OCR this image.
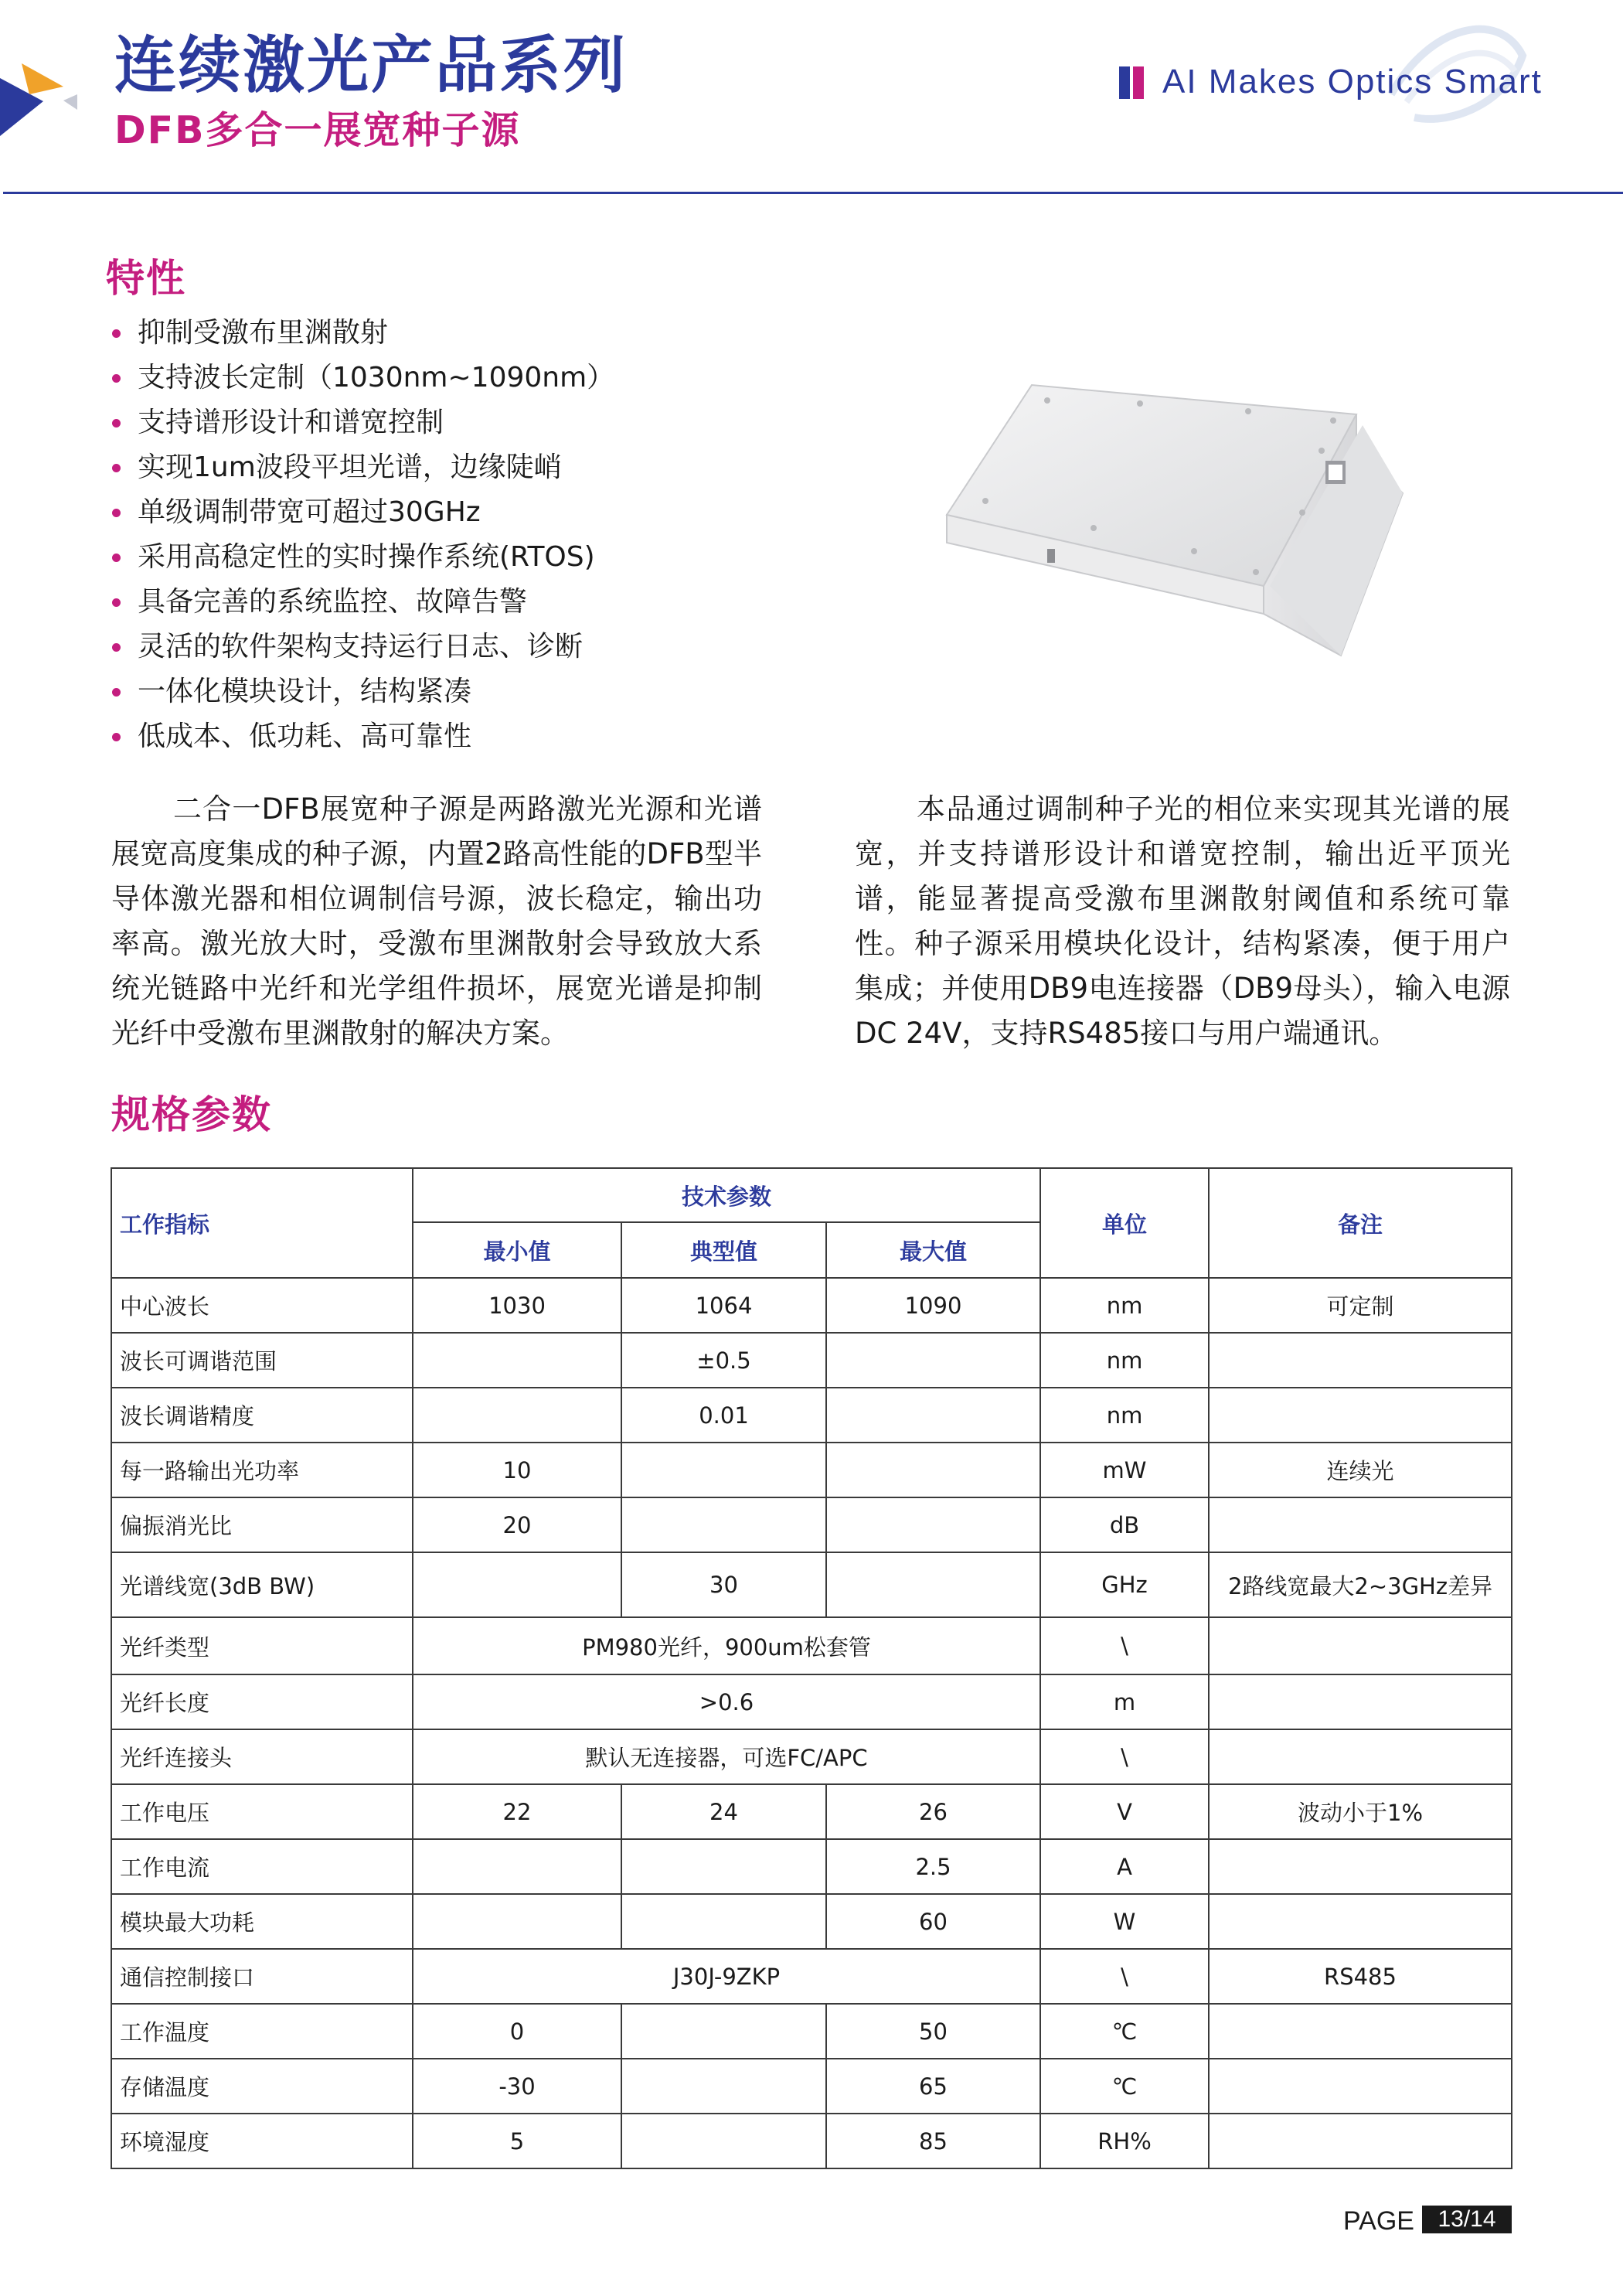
连续激光产品系列
DFB多合一展宽种子源
AI Makes Optics Smart
特性
抑制受激布里渊散射
支持波长定制（1030nm~1090nm）
支持谱形设计和谱宽控制
实现1um波段平坦光谱，边缘陡峭
单级调制带宽可超过30GHz
采用高稳定性的实时操作系统(RTOS)
具备完善的系统监控、故障告警
灵活的软件架构支持运行日志、诊断
一体化模块设计，结构紧凑
低成本、低功耗、高可靠性

二合一DFB展宽种子源是两路激光光源和光谱展宽高度集成的种子源，内置2路高性能的DFB型半导体激光器和相位调制信号源，波长稳定，输出功率高。激光放大时，受激布里渊散射会导致放大系统光链路中光纤和光学组件损坏，展宽光谱是抑制光纤中受激布里渊散射的解决方案。

本品通过调制种子光的相位来实现其光谱的展宽，并支持谱形设计和谱宽控制，输出近平顶光谱，能显著提高受激布里渊散射阈值和系统可靠性。种子源采用模块化设计，结构紧凑，便于用户集成；并使用DB9电连接器（DB9母头），输入电源DC 24V，支持RS485接口与用户端通讯。

规格参数
工作指标	技术参数			单位	备注
	最小值	典型值	最大值		
中心波长	1030	1064	1090	nm	可定制
波长可调谐范围		±0.5		nm	
波长调谐精度		0.01		nm	
每一路输出光功率	10			mW	连续光
偏振消光比	20			dB	
光谱线宽(3dB BW)		30		GHz	2路线宽最大2~3GHz差异
光纤类型	PM980光纤，900um松套管			\	
光纤长度	>0.6			m	
光纤连接头	默认无连接器，可选FC/APC			\	
工作电压	22	24	26	V	波动小于1%
工作电流			2.5	A	
模块最大功耗			60	W	
通信控制接口	J30J-9ZKP			\	RS485
工作温度	0		50	℃	
存储温度	-30		65	℃	
环境湿度	5		85	RH%	
PAGE	13/14
